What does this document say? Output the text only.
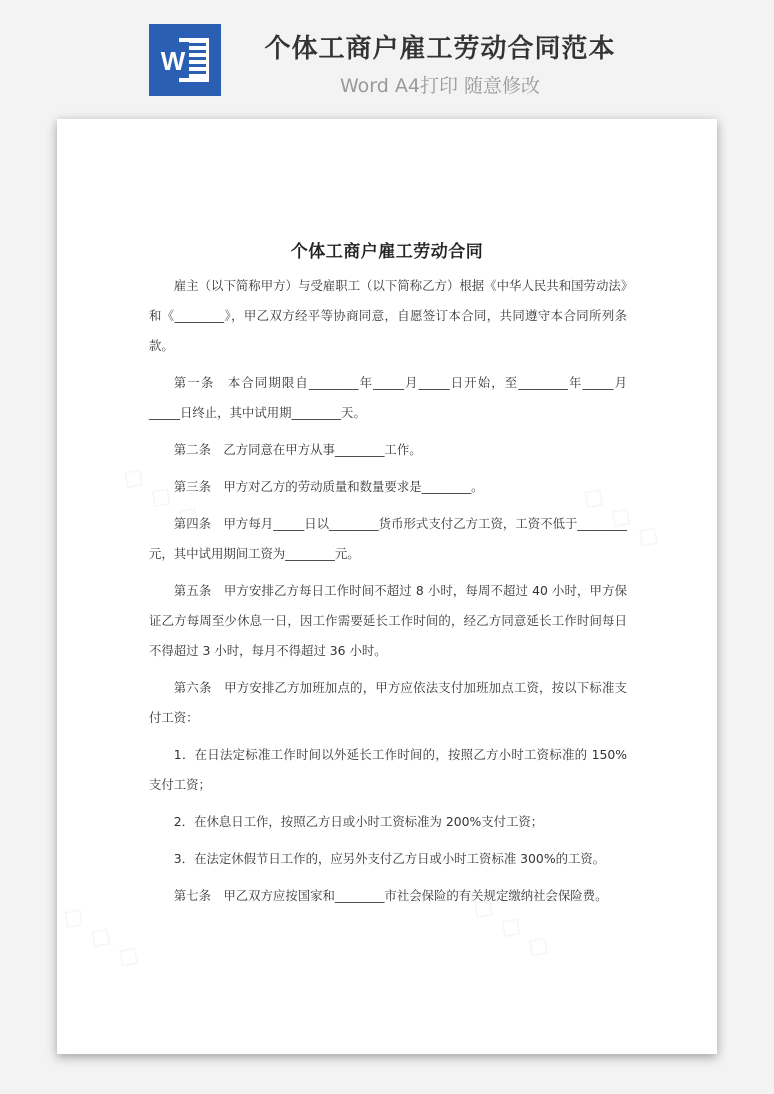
W	个体工商户雇工劳动合同范本
Word A4打印 随意修改
个体工商户雇工劳动合同

雇主（以下简称甲方）与受雇职工（以下简称乙方）根据《中华人民共和国劳动法》和《________》，甲乙双方经平等协商同意，自愿签订本合同，共同遵守本合同所列条款。

第一条　本合同期限自________年_____月_____日开始，至________年_____月_____日终止，其中试用期________天。

第二条　乙方同意在甲方从事________工作。

第三条　甲方对乙方的劳动质量和数量要求是________。

第四条　甲方每月_____日以________货币形式支付乙方工资，工资不低于________元，其中试用期间工资为________元。

第五条　甲方安排乙方每日工作时间不超过 8 小时，每周不超过 40 小时，甲方保证乙方每周至少休息一日，因工作需要延长工作时间的，经乙方同意延长工作时间每日不得超过 3 小时，每月不得超过 36 小时。

第六条　甲方安排乙方加班加点的，甲方应依法支付加班加点工资，按以下标准支付工资：

1．在日法定标准工作时间以外延长工作时间的，按照乙方小时工资标准的 150%支付工资；

2．在休息日工作，按照乙方日或小时工资标准为 200%支付工资；

3．在法定休假节日工作的，应另外支付乙方日或小时工资标准 300%的工资。

第七条　甲乙双方应按国家和________市社会保险的有关规定缴纳社会保险费。
